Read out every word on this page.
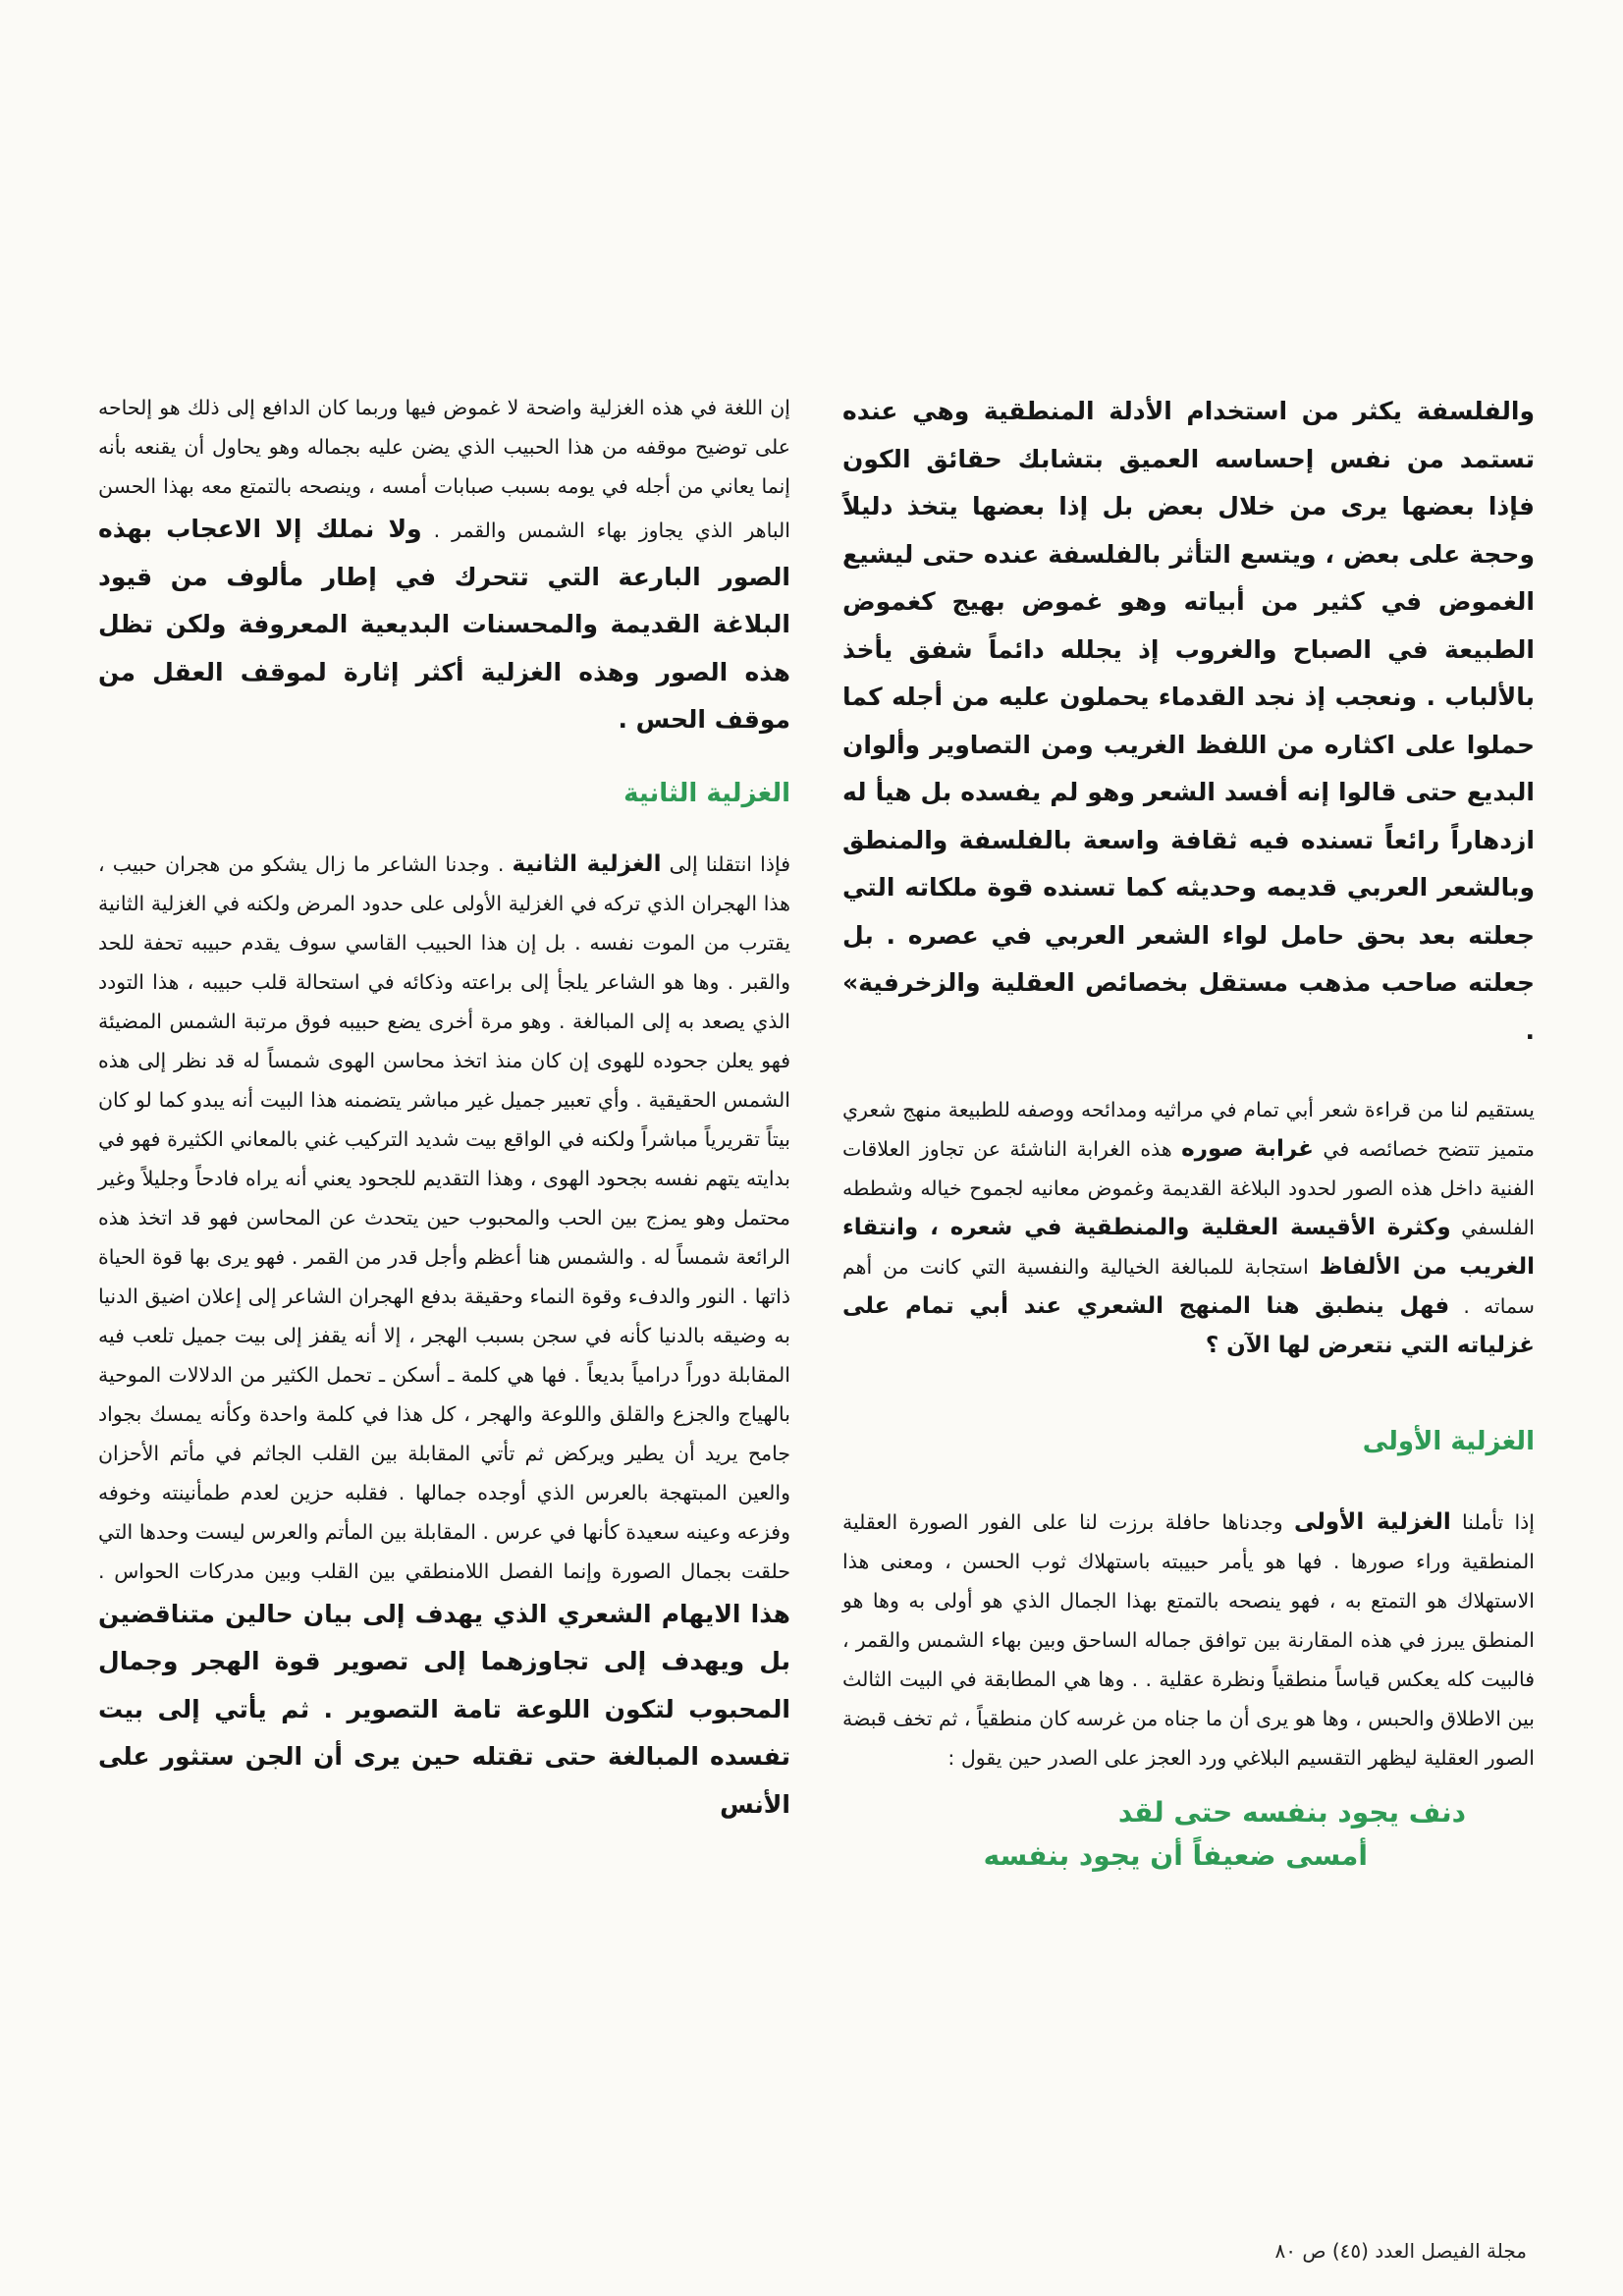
والفلسفة يكثر من استخدام الأدلة المنطقية وهي عنده تستمد من نفس إحساسه العميق بتشابك حقائق الكون فإذا بعضها يرى من خلال بعض بل إذا بعضها يتخذ دليلاً وحجة على بعض ، ويتسع التأثر بالفلسفة عنده حتى ليشيع الغموض في كثير من أبياته وهو غموض بهيج كغموض الطبيعة في الصباح والغروب إذ يجلله دائماً شفق يأخذ بالألباب . ونعجب إذ نجد القدماء يحملون عليه من أجله كما حملوا على اكثاره من اللفظ الغريب ومن التصاوير وألوان البديع حتى قالوا إنه أفسد الشعر وهو لم يفسده بل هيأ له ازدهاراً رائعاً تسنده فيه ثقافة واسعة بالفلسفة والمنطق وبالشعر العربي قديمه وحديثه كما تسنده قوة ملكاته التي جعلته بعد بحق حامل لواء الشعر العربي في عصره . بل جعلته صاحب مذهب مستقل بخصائص العقلية والزخرفية» .

يستقيم لنا من قراءة شعر أبي تمام في مراثيه ومدائحه ووصفه للطبيعة منهج شعري متميز تتضح خصائصه في غرابة صوره هذه الغرابة الناشئة عن تجاوز العلاقات الفنية داخل هذه الصور لحدود البلاغة القديمة وغموض معانيه لجموح خياله وشططه الفلسفي وكثرة الأقيسة العقلية والمنطقية في شعره ، وانتقاء الغريب من الألفاظ استجابة للمبالغة الخيالية والنفسية التي كانت من أهم سماته . فهل ينطبق هنا المنهج الشعري عند أبي تمام على غزلياته التي نتعرض لها الآن ؟

الغزلية الأولى

إذا تأملنا الغزلية الأولى وجدناها حافلة برزت لنا على الفور الصورة العقلية المنطقية وراء صورها . فها هو يأمر حبيبته باستهلاك ثوب الحسن ، ومعنى هذا الاستهلاك هو التمتع به ، فهو ينصحه بالتمتع بهذا الجمال الذي هو أولى به وها هو المنطق يبرز في هذه المقارنة بين توافق جماله الساحق وبين بهاء الشمس والقمر ، فالبيت كله يعكس قياساً منطقياً ونظرة عقلية . . وها هي المطابقة في البيت الثالث بين الاطلاق والحبس ، وها هو يرى أن ما جناه من غرسه كان منطقياً ، ثم تخف قبضة الصور العقلية ليظهر التقسيم البلاغي ورد العجز على الصدر حين يقول :

دنف يجود بنفسه حتى لقد
أمسى ضعيفاً أن يجود بنفسه

إن اللغة في هذه الغزلية واضحة لا غموض فيها وربما كان الدافع إلى ذلك هو إلحاحه على توضيح موقفه من هذا الحبيب الذي يضن عليه بجماله وهو يحاول أن يقنعه بأنه إنما يعاني من أجله في يومه بسبب صبابات أمسه ، وينصحه بالتمتع معه بهذا الحسن الباهر الذي يجاوز بهاء الشمس والقمر . ولا نملك إلا الاعجاب بهذه الصور البارعة التي تتحرك في إطار مألوف من قيود البلاغة القديمة والمحسنات البديعية المعروفة ولكن تظل هذه الصور وهذه الغزلية أكثر إثارة لموقف العقل من موقف الحس .

الغزلية الثانية

فإذا انتقلنا إلى الغزلية الثانية . وجدنا الشاعر ما زال يشكو من هجران حبيب ، هذا الهجران الذي تركه في الغزلية الأولى على حدود المرض ولكنه في الغزلية الثانية يقترب من الموت نفسه . بل إن هذا الحبيب القاسي سوف يقدم حبيبه تحفة للحد والقبر . وها هو الشاعر يلجأ إلى براعته وذكائه في استحالة قلب حبيبه ، هذا التودد الذي يصعد به إلى المبالغة . وهو مرة أخرى يضع حبيبه فوق مرتبة الشمس المضيئة فهو يعلن جحوده للهوى إن كان منذ اتخذ محاسن الهوى شمساً له قد نظر إلى هذه الشمس الحقيقية . وأي تعبير جميل غير مباشر يتضمنه هذا البيت أنه يبدو كما لو كان بيتاً تقريرياً مباشراً ولكنه في الواقع بيت شديد التركيب غني بالمعاني الكثيرة فهو في بدايته يتهم نفسه بجحود الهوى ، وهذا التقديم للجحود يعني أنه يراه فادحاً وجليلاً وغير محتمل وهو يمزج بين الحب والمحبوب حين يتحدث عن المحاسن فهو قد اتخذ هذه الرائعة شمساً له . والشمس هنا أعظم وأجل قدر من القمر . فهو يرى بها قوة الحياة ذاتها . النور والدفء وقوة النماء وحقيقة بدفع الهجران الشاعر إلى إعلان اضيق الدنيا به وضيقه بالدنيا كأنه في سجن بسبب الهجر ، إلا أنه يقفز إلى بيت جميل تلعب فيه المقابلة دوراً درامياً بديعاً . فها هي كلمة ـ أسكن ـ تحمل الكثير من الدلالات الموحية بالهياج والجزع والقلق واللوعة والهجر ، كل هذا في كلمة واحدة وكأنه يمسك بجواد جامح يريد أن يطير ويركض ثم تأتي المقابلة بين القلب الجاثم في مأتم الأحزان والعين المبتهجة بالعرس الذي أوجده جمالها . فقلبه حزين لعدم طمأنينته وخوفه وفزعه وعينه سعيدة كأنها في عرس . المقابلة بين المأتم والعرس ليست وحدها التي حلقت بجمال الصورة وإنما الفصل اللامنطقي بين القلب وبين مدركات الحواس . هذا الايهام الشعري الذي يهدف إلى بيان حالين متناقضين بل ويهدف إلى تجاوزهما إلى تصوير قوة الهجر وجمال المحبوب لتكون اللوعة تامة التصوير . ثم يأتي إلى بيت تفسده المبالغة حتى تقتله حين يرى أن الجن ستثور على الأنس

مجلة الفيصل العدد (٤٥) ص ٨٠
